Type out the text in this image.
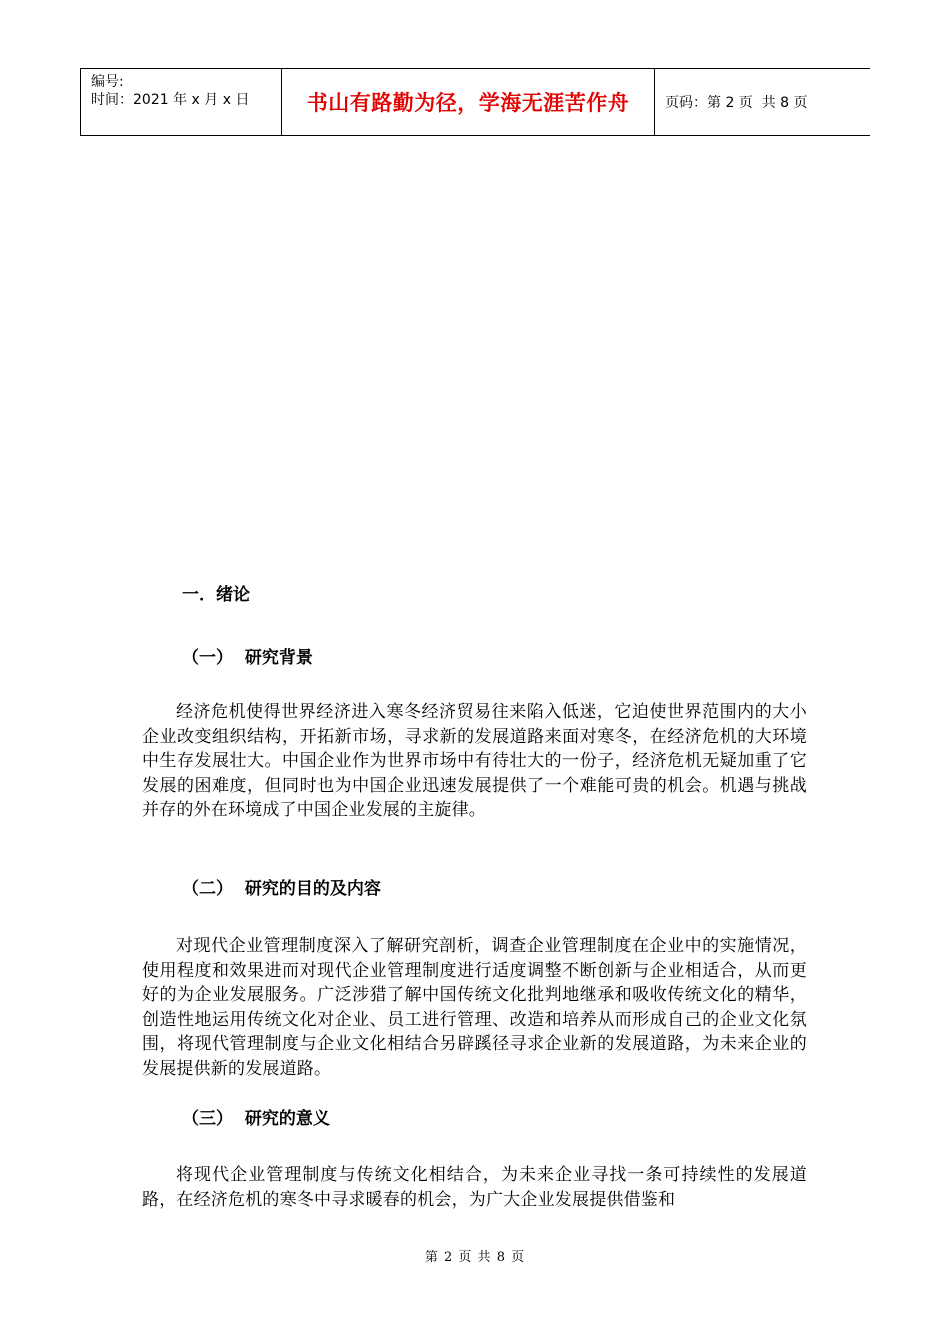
编号:
时间：2021 年 x 月 x 日	书山有路勤为径，学海无涯苦作舟	页码：第 2 页  共 8 页
一．绪论
（一）  研究背景
经济危机使得世界经济进入寒冬经济贸易往来陷入低迷，它迫使世界范围内的大小企业改变组织结构，开拓新市场，寻求新的发展道路来面对寒冬，在经济危机的大环境中生存发展壮大。中国企业作为世界市场中有待壮大的一份子，经济危机无疑加重了它发展的困难度，但同时也为中国企业迅速发展提供了一个难能可贵的机会。机遇与挑战并存的外在环境成了中国企业发展的主旋律。
（二）  研究的目的及内容
对现代企业管理制度深入了解研究剖析，调查企业管理制度在企业中的实施情况，使用程度和效果进而对现代企业管理制度进行适度调整不断创新与企业相适合，从而更好的为企业发展服务。广泛涉猎了解中国传统文化批判地继承和吸收传统文化的精华，创造性地运用传统文化对企业、员工进行管理、改造和培养从而形成自己的企业文化氛围，将现代管理制度与企业文化相结合另辟蹊径寻求企业新的发展道路，为未来企业的发展提供新的发展道路。
（三）  研究的意义
将现代企业管理制度与传统文化相结合，为未来企业寻找一条可持续性的发展道路，在经济危机的寒冬中寻求暖春的机会，为广大企业发展提供借鉴和
第 2 页 共 8 页
